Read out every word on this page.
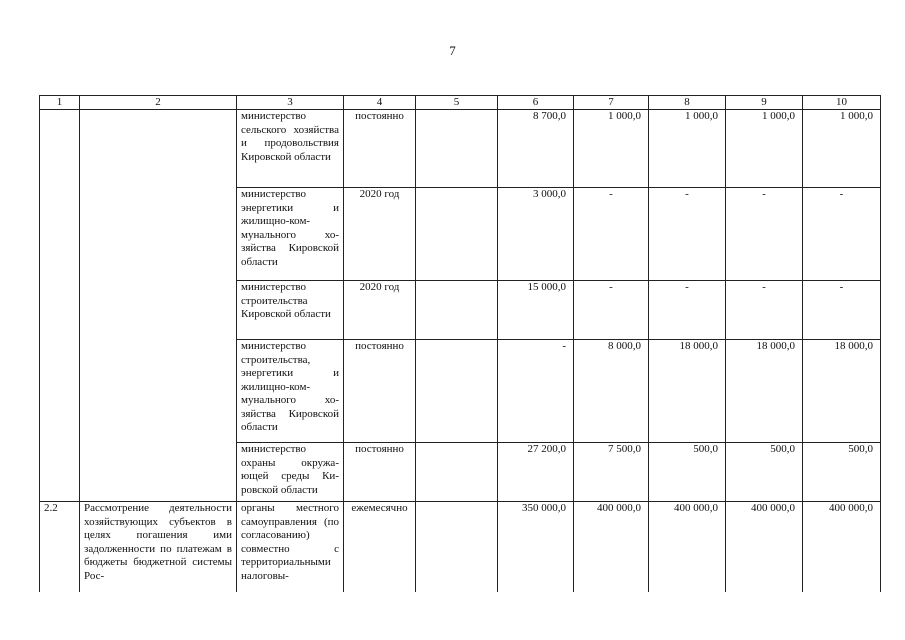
7
1	2	3	4	5	6	7	8	9	10
		министерство сельского хозяйства и продовольствия Кировской области	постоянно		8 700,0	1 000,0	1 000,0	1 000,0	1 000,0
		министерство энергетики и жилищно-коммунального хозяйства Кировской области	2020 год		3 000,0	-	-	-	-
		министерство строительства Кировской области	2020 год		15 000,0	-	-	-	-
		министерство строительства, энергетики и жилищно-коммунального хозяйства Кировской области	постоянно		-	8 000,0	18 000,0	18 000,0	18 000,0
		министерство охраны окружающей среды Кировской области	постоянно		27 200,0	7 500,0	500,0	500,0	500,0
2.2	Рассмотрение деятельности хозяйствующих субъектов в целях погашения ими задолженности по платежам в бюджеты бюджетной системы Рос-	органы местного самоуправления (по согласованию) совместно с территориальными налоговы-	ежемесячно		350 000,0	400 000,0	400 000,0	400 000,0	400 000,0
